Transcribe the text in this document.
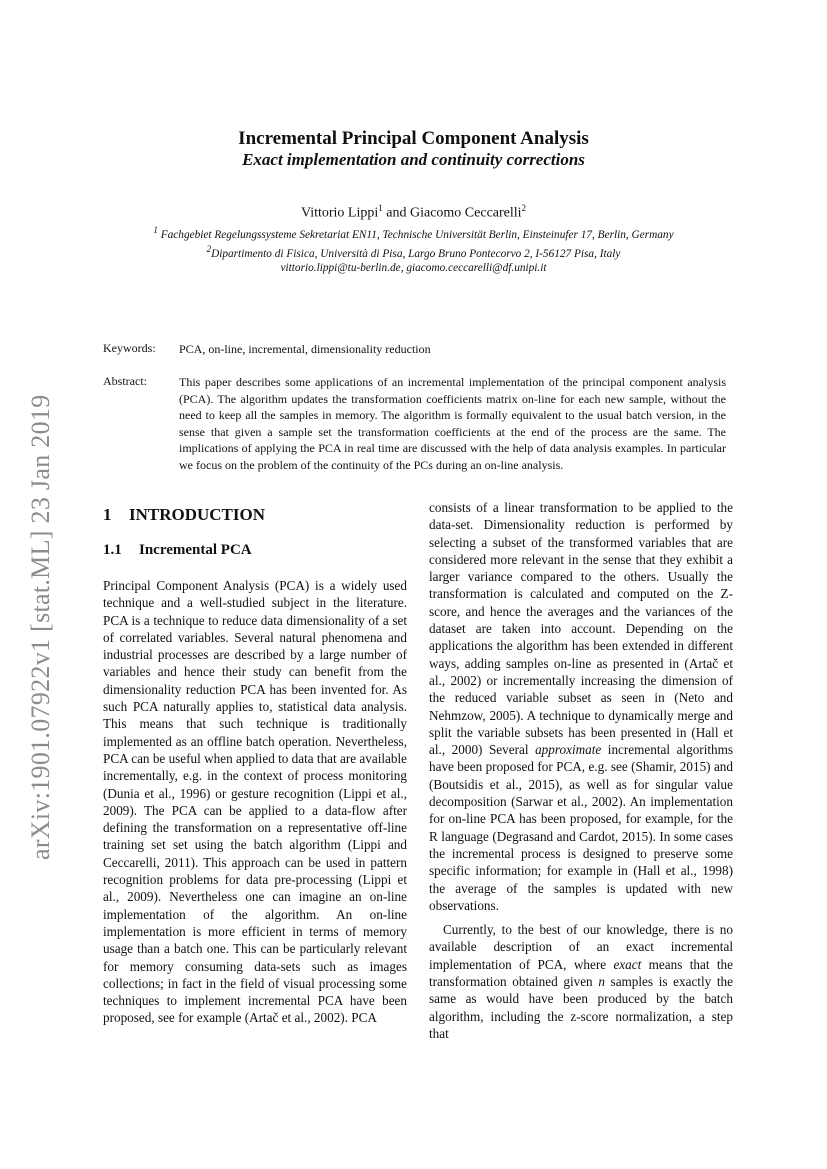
arXiv:1901.07922v1 [stat.ML] 23 Jan 2019
Incremental Principal Component Analysis
Exact implementation and continuity corrections
Vittorio Lippi$^1$ and Giacomo Ceccarelli$^2$
$^1$ Fachgebiet Regelungssysteme Sekretariat EN11, Technische Universität Berlin, Einsteinufer 17, Berlin, Germany
$^2$Dipartimento di Fisica, Università di Pisa, Largo Bruno Pontecorvo 2, I-56127 Pisa, Italy
vittorio.lippi@tu-berlin.de, giacomo.ceccarelli@df.unipi.it
Keywords: PCA, on-line, incremental, dimensionality reduction
Abstract:	This paper describes some applications of an incremental implementation of the principal component analysis (PCA). The algorithm updates the transformation coefficients matrix on-line for each new sample, without the need to keep all the samples in memory. The algorithm is formally equivalent to the usual batch version, in the sense that given a sample set the transformation coefficients at the end of the process are the same. The implications of applying the PCA in real time are discussed with the help of data analysis examples. In particular we focus on the problem of the continuity of the PCs during an on-line analysis.
1 INTRODUCTION
1.1 Incremental PCA

Principal Component Analysis (PCA) is a widely used technique and a well-studied subject in the literature. PCA is a technique to reduce data dimensionality of a set of correlated variables. Several natural phenomena and industrial processes are described by a large number of variables and hence their study can benefit from the dimensionality reduction PCA has been invented for. As such PCA naturally applies to, statistical data analysis. This means that such technique is traditionally implemented as an offline batch operation. Nevertheless, PCA can be useful when applied to data that are available incrementally, e.g. in the context of process monitoring (Dunia et al., 1996) or gesture recognition (Lippi et al., 2009). The PCA can be applied to a data-flow after defining the transformation on a representative off-line training set set using the batch algorithm (Lippi and Ceccarelli, 2011). This approach can be used in pattern recognition problems for data pre-processing (Lippi et al., 2009). Nevertheless one can imagine an on-line implementation of the algorithm. An on-line implementation is more efficient in terms of memory usage than a batch one. This can be particularly relevant for memory consuming data-sets such as images collections; in fact in the field of visual processing some techniques to implement incremental PCA have been proposed, see for example (Artač et al., 2002). PCA

consists of a linear transformation to be applied to the data-set. Dimensionality reduction is performed by selecting a subset of the transformed variables that are considered more relevant in the sense that they exhibit a larger variance compared to the others. Usually the transformation is calculated and computed on the Z-score, and hence the averages and the variances of the dataset are taken into account. Depending on the applications the algorithm has been extended in different ways, adding samples on-line as presented in (Artač et al., 2002) or incrementally increasing the dimension of the reduced variable subset as seen in (Neto and Nehmzow, 2005). A technique to dynamically merge and split the variable subsets has been presented in (Hall et al., 2000) Several approximate incremental algorithms have been proposed for PCA, e.g. see (Shamir, 2015) and (Boutsidis et al., 2015), as well as for singular value decomposition (Sarwar et al., 2002). An implementation for on-line PCA has been proposed, for example, for the R language (Degrasand and Cardot, 2015). In some cases the incremental process is designed to preserve some specific information; for example in (Hall et al., 1998) the average of the samples is updated with new observations.

Currently, to the best of our knowledge, there is no available description of an exact incremental implementation of PCA, where exact means that the transformation obtained given n samples is exactly the same as would have been produced by the batch algorithm, including the z-score normalization, a step that
